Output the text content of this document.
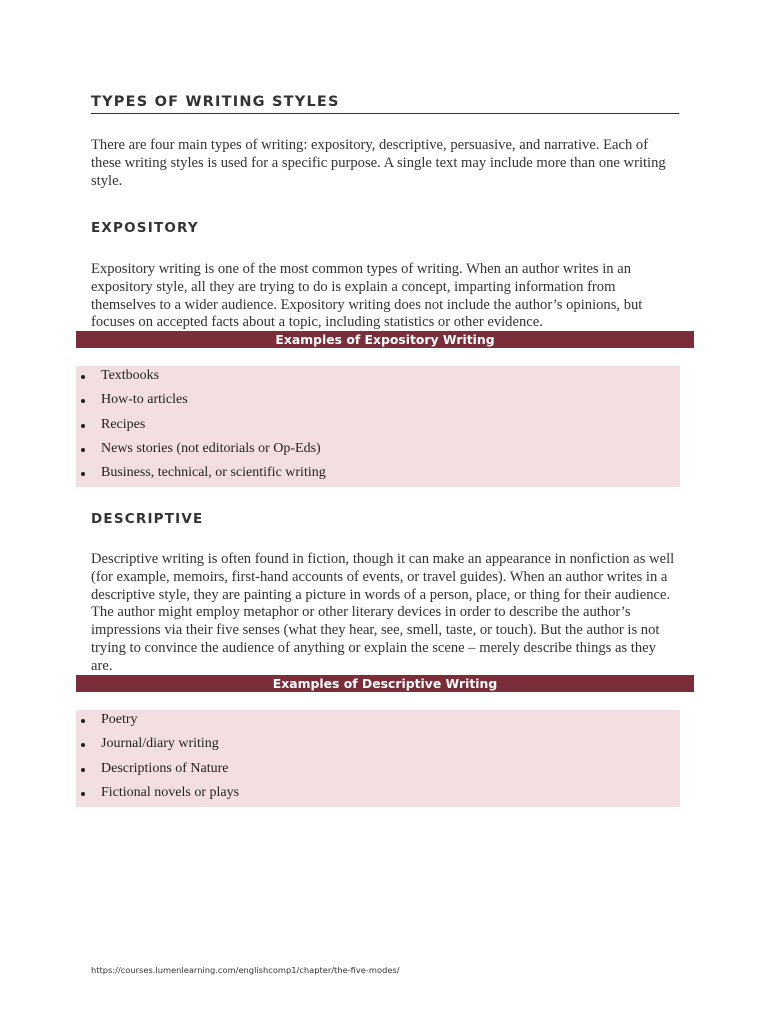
TYPES OF WRITING STYLES

There are four main types of writing: expository, descriptive, persuasive, and narrative. Each of these writing styles is used for a specific purpose. A single text may include more than one writing style.

EXPOSITORY

Expository writing is one of the most common types of writing. When an author writes in an expository style, all they are trying to do is explain a concept, imparting information from themselves to a wider audience. Expository writing does not include the author’s opinions, but focuses on accepted facts about a topic, including statistics or other evidence.

Examples of Expository Writing
Textbooks
How-to articles
Recipes
News stories (not editorials or Op-Eds)
Business, technical, or scientific writing
DESCRIPTIVE

Descriptive writing is often found in fiction, though it can make an appearance in nonfiction as well (for example, memoirs, first-hand accounts of events, or travel guides). When an author writes in a descriptive style, they are painting a picture in words of a person, place, or thing for their audience. The author might employ metaphor or other literary devices in order to describe the author’s impressions via their five senses (what they hear, see, smell, taste, or touch). But the author is not trying to convince the audience of anything or explain the scene – merely describe things as they are.

Examples of Descriptive Writing
Poetry
Journal/diary writing
Descriptions of Nature
Fictional novels or plays
https://courses.lumenlearning.com/englishcomp1/chapter/the-five-modes/
